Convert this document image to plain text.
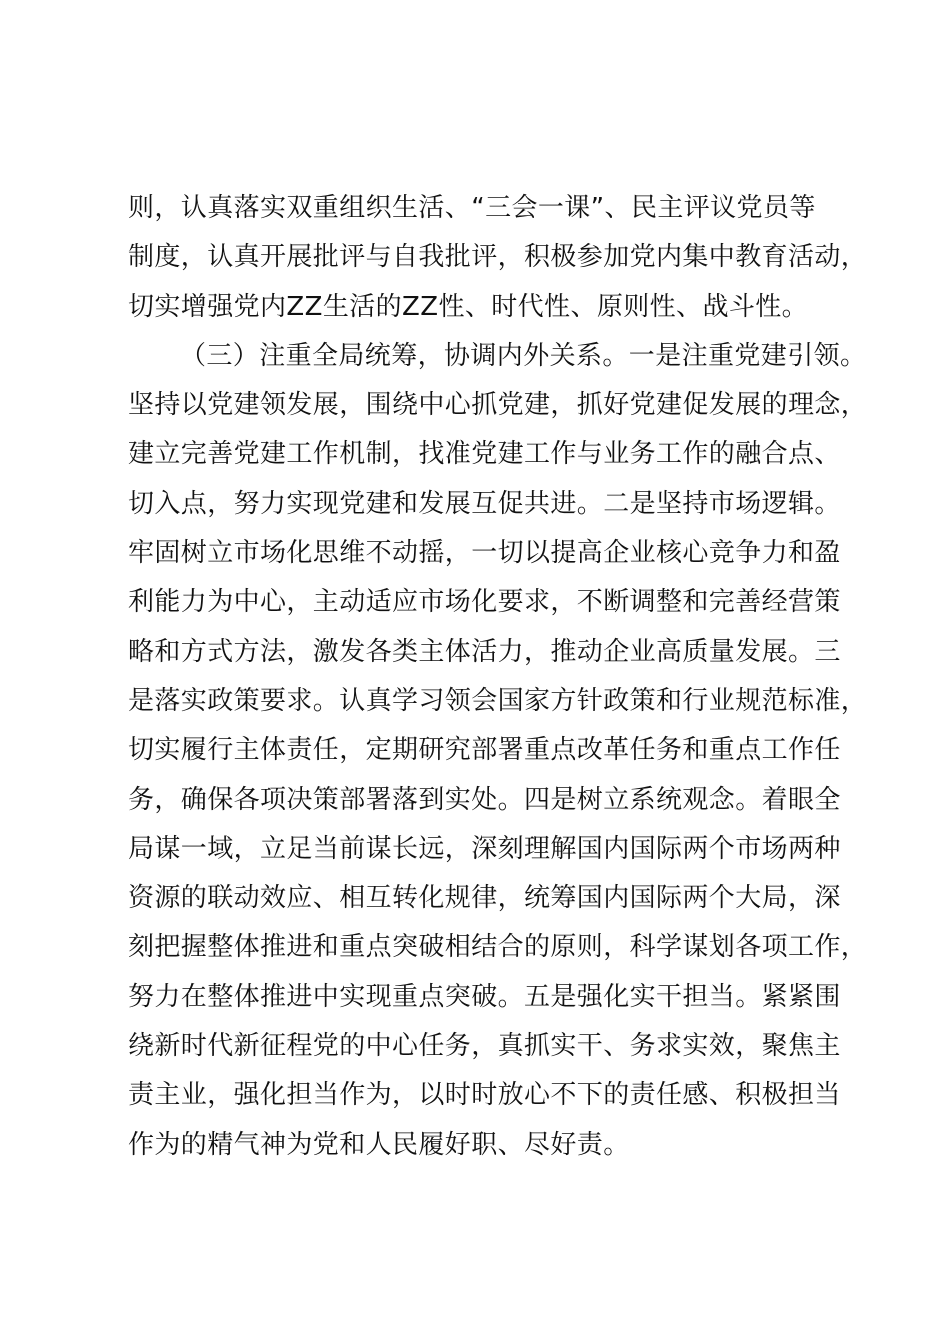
则，认真落实双重组织生活、“三会一课”、民主评议党员等
制度，认真开展批评与自我批评，积极参加党内集中教育活动，
切实增强党内ZZ生活的ZZ性、时代性、原则性、战斗性。
（三）注重全局统筹，协调内外关系。一是注重党建引领。
坚持以党建领发展，围绕中心抓党建，抓好党建促发展的理念，
建立完善党建工作机制，找准党建工作与业务工作的融合点、
切入点，努力实现党建和发展互促共进。二是坚持市场逻辑。
牢固树立市场化思维不动摇，一切以提高企业核心竞争力和盈
利能力为中心，主动适应市场化要求，不断调整和完善经营策
略和方式方法，激发各类主体活力，推动企业高质量发展。三
是落实政策要求。认真学习领会国家方针政策和行业规范标准，
切实履行主体责任，定期研究部署重点改革任务和重点工作任
务，确保各项决策部署落到实处。四是树立系统观念。着眼全
局谋一域，立足当前谋长远，深刻理解国内国际两个市场两种
资源的联动效应、相互转化规律，统筹国内国际两个大局，深
刻把握整体推进和重点突破相结合的原则，科学谋划各项工作，
努力在整体推进中实现重点突破。五是强化实干担当。紧紧围
绕新时代新征程党的中心任务，真抓实干、务求实效，聚焦主
责主业，强化担当作为，以时时放心不下的责任感、积极担当
作为的精气神为党和人民履好职、尽好责。
